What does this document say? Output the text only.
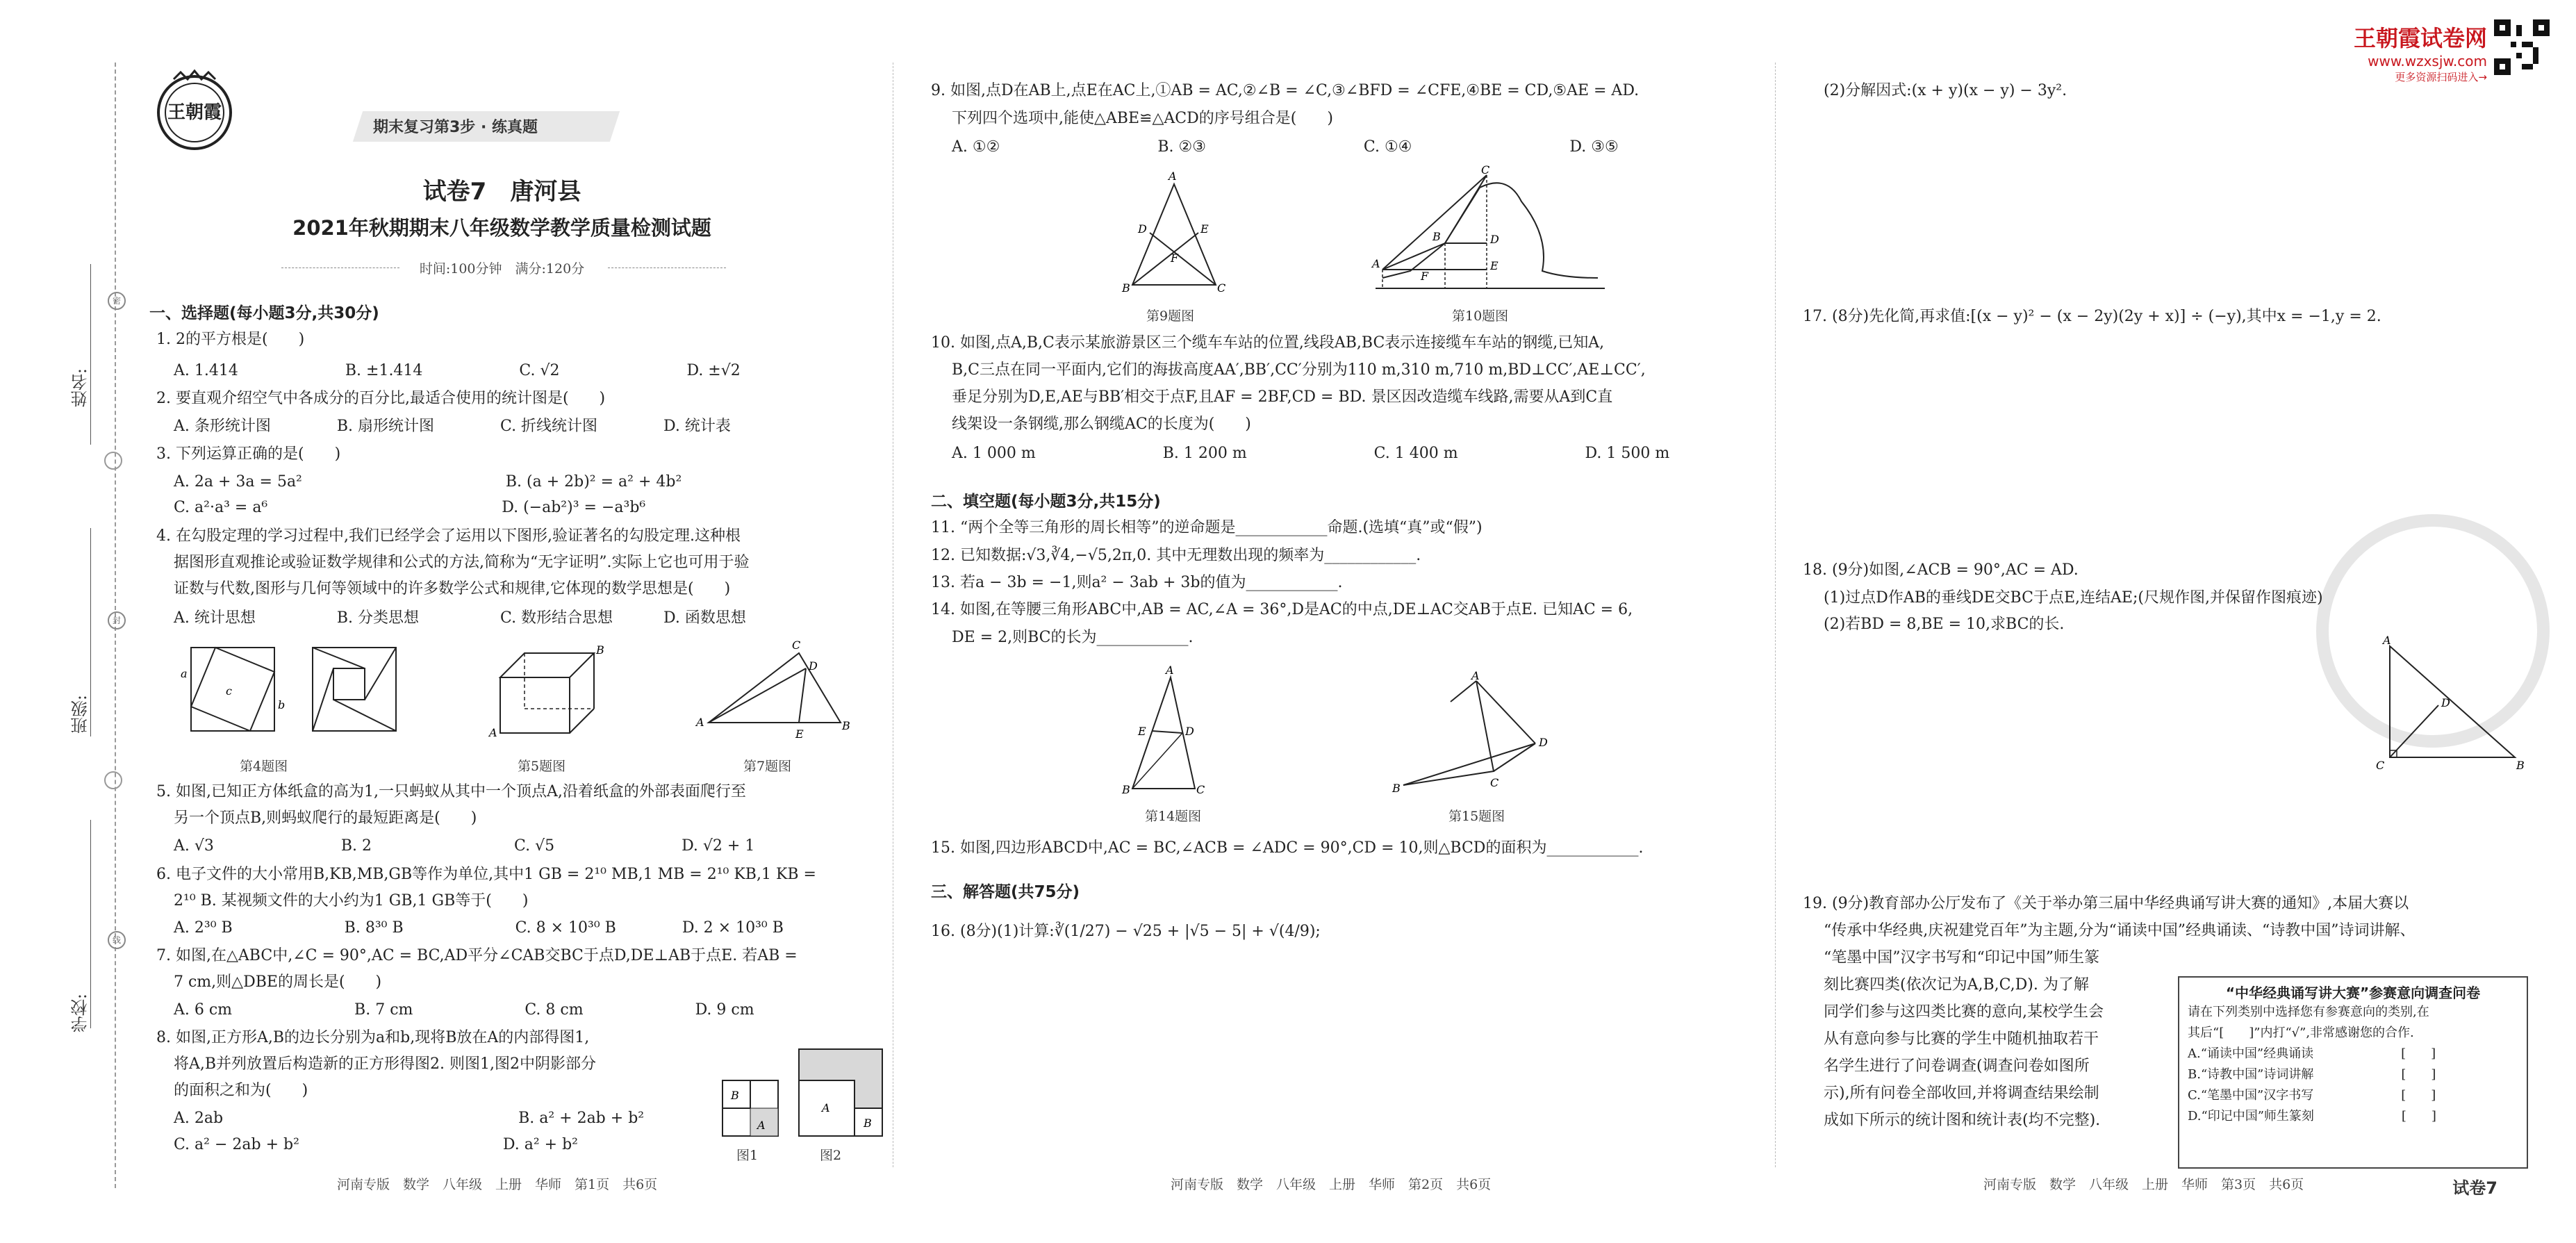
姓名:
班级:
学校:
密
封
线
王朝霞
期末复习第3步 · 练真题
试卷7　唐河县
2021年秋期期末八年级数学教学质量检测试题
时间:100分钟　满分:120分
一、选择题(每小题3分,共30分)
1. 2的平方根是(　　)
A. 1.414　　　　　　　B. ±1.414　　　　　　 C. √2　　　　　　　　 D. ±√2
2. 要直观介绍空气中各成分的百分比,最适合使用的统计图是(　　)
A. 条形统计图　　　　 B. 扇形统计图　　　　 C. 折线统计图　　　　 D. 统计表
3. 下列运算正确的是(　　)
A. 2a + 3a = 5a²　　　　　　　　　　　　　 B. (a + 2b)² = a² + 4b²
C. a²·a³ = a⁶　　　　　　　　　　　　　　　 D. (−ab²)³ = −a³b⁶
4. 在勾股定理的学习过程中,我们已经学会了运用以下图形,验证著名的勾股定理.这种根
据图形直观推论或验证数学规律和公式的方法,简称为“无字证明”.实际上它也可用于验
证数与代数,图形与几何等领域中的许多数学公式和规律,它体现的数学思想是(　　)
A. 统计思想　　　　　 B. 分类思想　　　　　 C. 数形结合思想　　　 D. 函数思想
c
a
b
A
B
A	B
C
D
E
第4题图	第5题图	第7题图
5. 如图,已知正方体纸盒的高为1,一只蚂蚁从其中一个顶点A,沿着纸盒的外部表面爬行至
另一个顶点B,则蚂蚁爬行的最短距离是(　　)
A. √3　　　　　　　　 B. 2　　　　　　　　　 C. √5　　　　　　　　 D. √2 + 1
6. 电子文件的大小常用B,KB,MB,GB等作为单位,其中1 GB = 2¹⁰ MB,1 MB = 2¹⁰ KB,1 KB =
2¹⁰ B. 某视频文件的大小约为1 GB,1 GB等于(　　)
A. 2³⁰ B　　　　　　　 B. 8³⁰ B　　　　　　　 C. 8 × 10³⁰ B　　　　 D. 2 × 10³⁰ B
7. 如图,在△ABC中,∠C = 90°,AC = BC,AD平分∠CAB交BC于点D,DE⊥AB于点E. 若AB =
7 cm,则△DBE的周长是(　　)
A. 6 cm　　　　　　　　B. 7 cm　　　　　　　 C. 8 cm　　　　　　　 D. 9 cm
8. 如图,正方形A,B的边长分别为a和b,现将B放在A的内部得图1,
将A,B并列放置后构造新的正方形得图2. 则图1,图2中阴影部分
的面积之和为(　　)
A. 2ab　　　　　　　　　　　　　　　　　　　 B. a² + 2ab + b²
C. a² − 2ab + b²　　　　　　　　　　　　　 D. a² + b²
B
A
A
B
图1	图2
河南专版　数学　八年级　上册　华师　第1页　共6页
9. 如图,点D在AB上,点E在AC上,①AB = AC,②∠B = ∠C,③∠BFD = ∠CFE,④BE = CD,⑤AE = AD.
下列四个选项中,能使△ABE≌△ACD的序号组合是(　　)
A. ①②　　　　　　　　　　 B. ②③　　　　　　　　　　 C. ①④　　　　　　　　　　 D. ③⑤
A
B	C
D	E
F
C
A
B	D
E
F
第9题图	第10题图
10. 如图,点A,B,C表示某旅游景区三个缆车车站的位置,线段AB,BC表示连接缆车车站的钢缆,已知A,
B,C三点在同一平面内,它们的海拔高度AA′,BB′,CC′分别为110 m,310 m,710 m,BD⊥CC′,AE⊥CC′,
垂足分别为D,E,AE与BB′相交于点F,且AF = 2BF,CD = BD. 景区因改造缆车线路,需要从A到C直
线架设一条钢缆,那么钢缆AC的长度为(　　)
A. 1 000 m　　　　　　　　 B. 1 200 m　　　　　　　　 C. 1 400 m　　　　　　　　 D. 1 500 m
二、填空题(每小题3分,共15分)
11. “两个全等三角形的周长相等”的逆命题是____________命题.(选填“真”或“假”)
12. 已知数据:√3,∛4,−√5,2π,0. 其中无理数出现的频率为____________.
13. 若a − 3b = −1,则a² − 3ab + 3b的值为____________.
14. 如图,在等腰三角形ABC中,AB = AC,∠A = 36°,D是AC的中点,DE⊥AC交AB于点E. 已知AC = 6,
DE = 2,则BC的长为____________.
A
B	C
D
E
B	C
D
A
第14题图	第15题图
15. 如图,四边形ABCD中,AC = BC,∠ACB = ∠ADC = 90°,CD = 10,则△BCD的面积为____________.
三、解答题(共75分)
16. (8分)(1)计算:∛(1/27) − √25 + |√5 − 5| + √(4/9);
河南专版　数学　八年级　上册　华师　第2页　共6页
(2)分解因式:(x + y)(x − y) − 3y².
17. (8分)先化简,再求值:[(x − y)² − (x − 2y)(2y + x)] ÷ (−y),其中x = −1,y = 2.
18. (9分)如图,∠ACB = 90°,AC = AD.
(1)过点D作AB的垂线DE交BC于点E,连结AE;(尺规作图,并保留作图痕迹)
(2)若BD = 8,BE = 10,求BC的长.
A
C	B
D
19. (9分)教育部办公厅发布了《关于举办第三届中华经典诵写讲大赛的通知》,本届大赛以
“传承中华经典,庆祝建党百年”为主题,分为“诵读中国”经典诵读、“诗教中国”诗词讲解、
“笔墨中国”汉字书写和“印记中国”师生篆
刻比赛四类(依次记为A,B,C,D). 为了解
同学们参与这四类比赛的意向,某校学生会
从有意向参与比赛的学生中随机抽取若干
名学生进行了问卷调查(调查问卷如图所
示),所有问卷全部收回,并将调查结果绘制
成如下所示的统计图和统计表(均不完整).
“中华经典诵写讲大赛”参赛意向调查问卷
请在下列类别中选择您有参赛意向的类别,在
其后“[　　]”内打“√”,非常感谢您的合作.
A.“诵读中国”经典诵读　　　　　　　[　　]
B.“诗教中国”诗词讲解　　　　　　　[　　]
C.“笔墨中国”汉字书写　　　　　　　[　　]
D.“印记中国”师生篆刻　　　　　　　[　　]
河南专版　数学　八年级　上册　华师　第3页　共6页	试卷7
王朝霞试卷网
www.wzxsjw.com
更多资源扫码进入→
